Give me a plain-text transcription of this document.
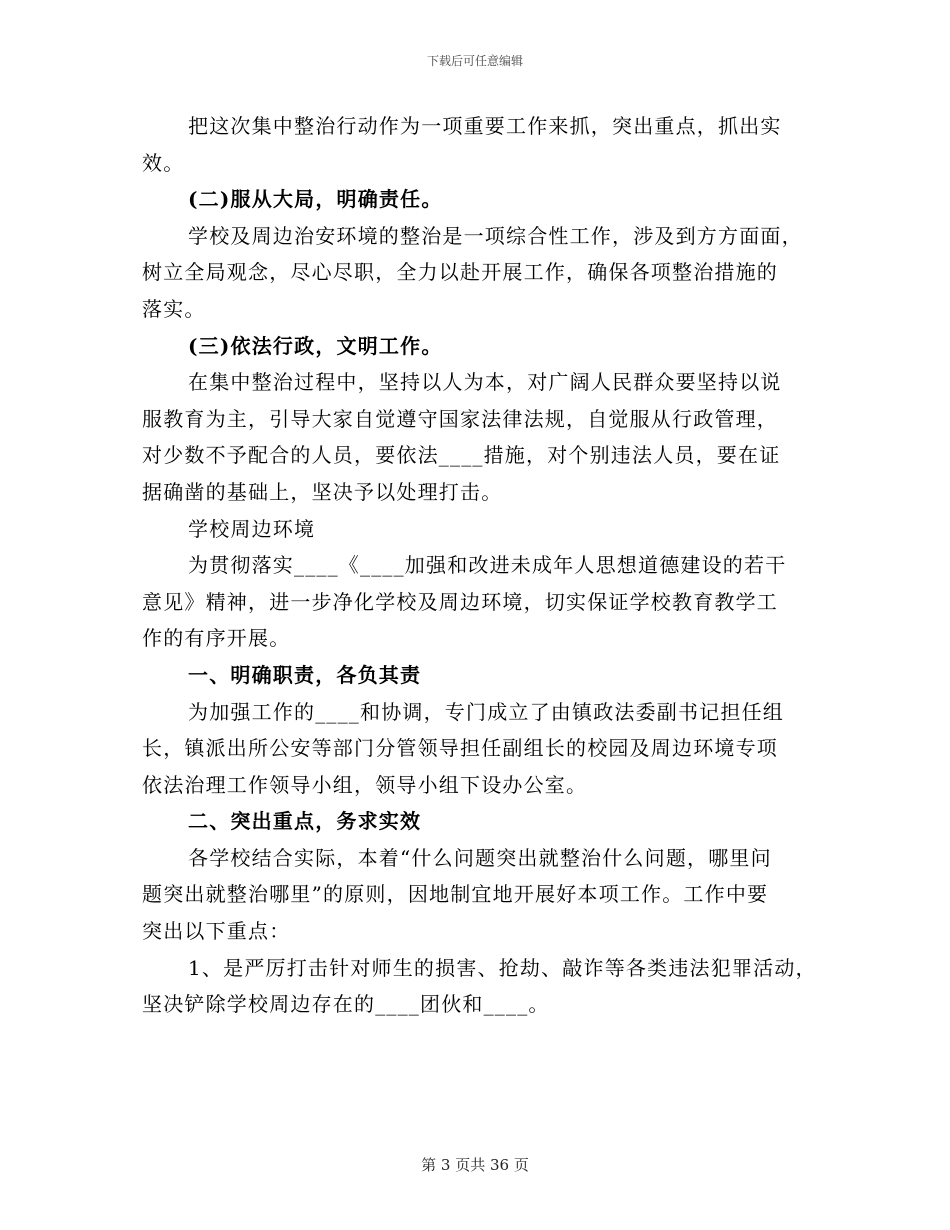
下载后可任意编辑
把这次集中整治行动作为一项重要工作来抓，突出重点，抓出实
效。
(二)服从大局，明确责任。
学校及周边治安环境的整治是一项综合性工作，涉及到方方面面，
树立全局观念，尽心尽职，全力以赴开展工作，确保各项整治措施的
落实。
(三)依法行政，文明工作。
在集中整治过程中，坚持以人为本，对广阔人民群众要坚持以说
服教育为主，引导大家自觉遵守国家法律法规，自觉服从行政管理，
对少数不予配合的人员，要依法____措施，对个别违法人员，要在证
据确凿的基础上，坚决予以处理打击。
学校周边环境
为贯彻落实____《____加强和改进未成年人思想道德建设的若干
意见》精神，进一步净化学校及周边环境，切实保证学校教育教学工
作的有序开展。
一、明确职责，各负其责
为加强工作的____和协调，专门成立了由镇政法委副书记担任组
长，镇派出所公安等部门分管领导担任副组长的校园及周边环境专项
依法治理工作领导小组，领导小组下设办公室。
二、突出重点，务求实效
各学校结合实际，本着“什么问题突出就整治什么问题，哪里问
题突出就整治哪里”的原则，因地制宜地开展好本项工作。工作中要
突出以下重点：
1、是严厉打击针对师生的损害、抢劫、敲诈等各类违法犯罪活动，
坚决铲除学校周边存在的____团伙和____。
第 3 页共 36 页
